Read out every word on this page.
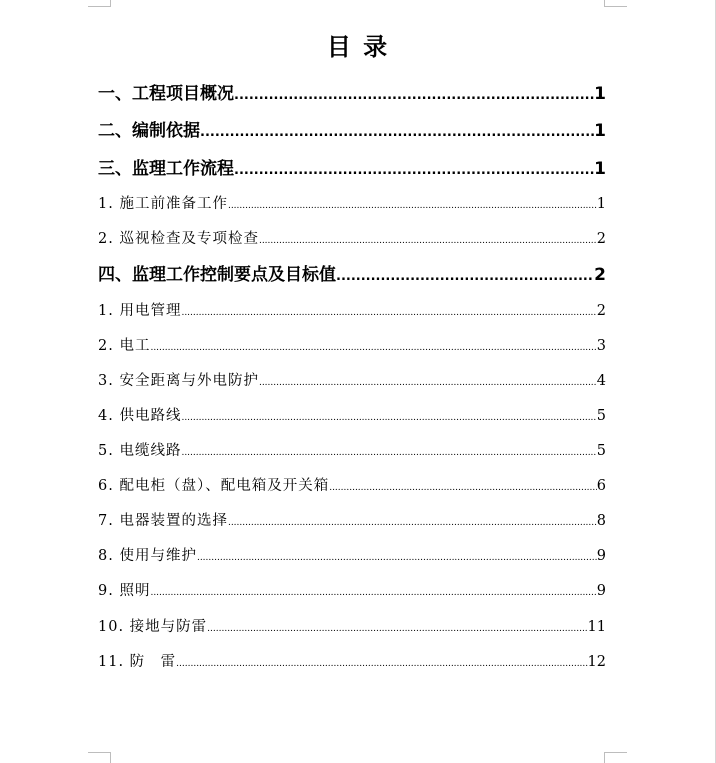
目 录
一、工程项目概况 .....	1
二、编制依据 .....	1
三、监理工作流程 .....	1
1. 施工前准备工作 .....	1
2. 巡视检查及专项检查 .....	2
四、监理工作控制要点及目标值 .....	2
1. 用电管理 .....	2
2. 电工 .....	3
3. 安全距离与外电防护 .....	4
4. 供电路线 .....	5
5. 电缆线路 .....	5
6. 配电柜（盘）、配电箱及开关箱 .....	6
7. 电器装置的选择 .....	8
8. 使用与维护 .....	9
9. 照明 .....	9
10. 接地与防雷 .....	11
11. 防　雷 .....	12
